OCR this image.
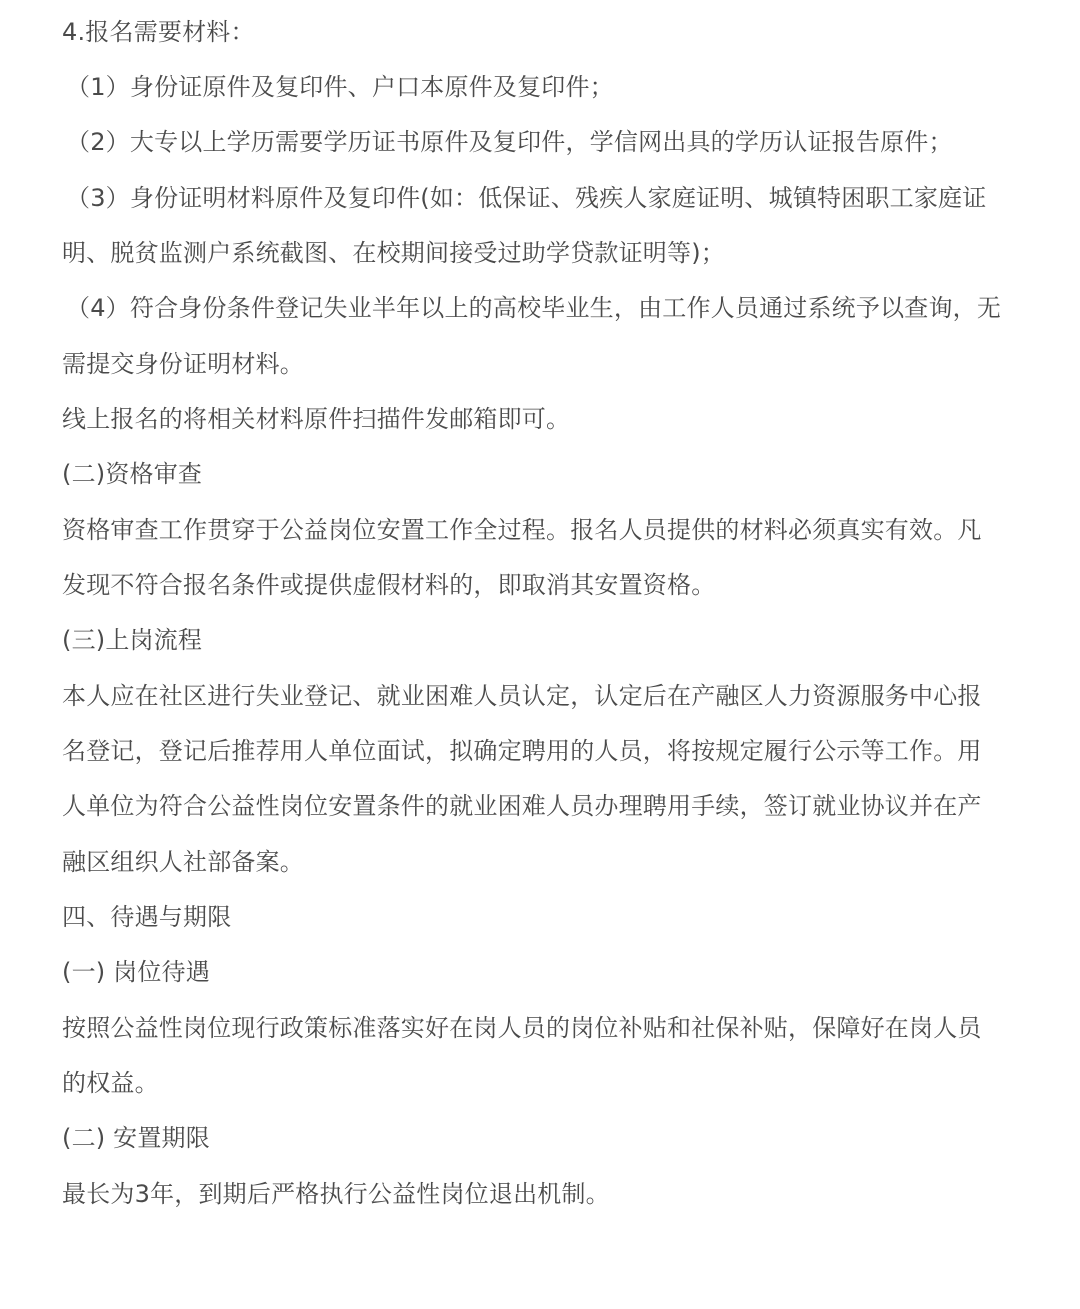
4.报名需要材料：
（1）身份证原件及复印件、户口本原件及复印件；
（2）大专以上学历需要学历证书原件及复印件，学信网出具的学历认证报告原件；
（3）身份证明材料原件及复印件(如：低保证、残疾人家庭证明、城镇特困职工家庭证
明、脱贫监测户系统截图、在校期间接受过助学贷款证明等)；
（4）符合身份条件登记失业半年以上的高校毕业生，由工作人员通过系统予以查询，无
需提交身份证明材料。
线上报名的将相关材料原件扫描件发邮箱即可。
(二)资格审查
资格审查工作贯穿于公益岗位安置工作全过程。报名人员提供的材料必须真实有效。凡
发现不符合报名条件或提供虚假材料的，即取消其安置资格。
(三)上岗流程
本人应在社区进行失业登记、就业困难人员认定，认定后在产融区人力资源服务中心报
名登记，登记后推荐用人单位面试，拟确定聘用的人员，将按规定履行公示等工作。用
人单位为符合公益性岗位安置条件的就业困难人员办理聘用手续，签订就业协议并在产
融区组织人社部备案。
四、待遇与期限
(一) 岗位待遇
按照公益性岗位现行政策标准落实好在岗人员的岗位补贴和社保补贴，保障好在岗人员
的权益。
(二) 安置期限
最长为3年，到期后严格执行公益性岗位退出机制。
